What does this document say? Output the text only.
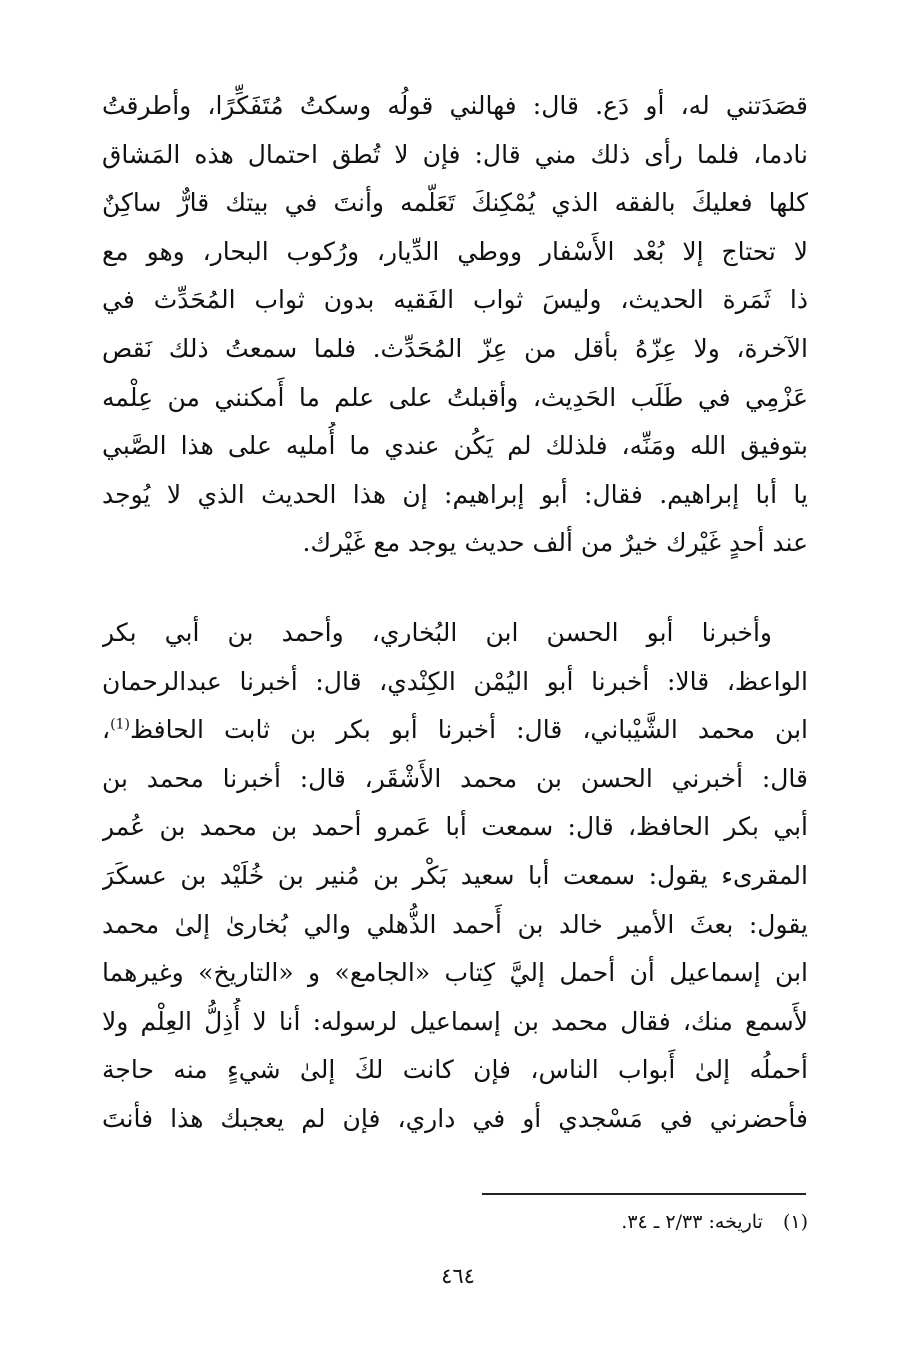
قصَدَتني له، أو دَع. قال: فهالني قولُه وسكتُ مُتَفَكِّرًا، وأطرقتُ
نادما، فلما رأى ذلك مني قال: فإن لا تُطق احتمال هذه المَشاق
كلها فعليكَ بالفقه الذي يُمْكِنكَ تَعَلّمه وأنتَ في بيتك قارٌّ ساكِنٌ
لا تحتاج إلا بُعْد الأَسْفار ووطي الدِّيار، ورُكوب البحار، وهو مع
ذا ثَمَرة الحديث، وليسَ ثواب الفَقيه بدون ثواب المُحَدِّث في
الآخرة، ولا عِزّهُ بأقل من عِزّ المُحَدِّث. فلما سمعتُ ذلك نَقص
عَزْمِي في طَلَب الحَدِيث، وأقبلتُ على علم ما أَمكنني من عِلْمه
بتوفيق الله ومَنِّه، فلذلك لم يَكُن عندي ما أُمليه على هذا الصَّبي
يا أبا إبراهيم. فقال: أبو إبراهيم: إن هذا الحديث الذي لا يُوجد
عند أحدٍ غَيْرك خيرٌ من ألف حديث يوجد مع غَيْرك.
وأخبرنا أبو الحسن ابن البُخاري، وأحمد بن أبي بكر
الواعظ، قالا: أخبرنا أبو اليُمْن الكِنْدي، قال: أخبرنا عبدالرحمان
ابن محمد الشَّيْباني، قال: أخبرنا أبو بكر بن ثابت الحافظ$^{(1)}$،
قال: أخبرني الحسن بن محمد الأَشْقَر، قال: أخبرنا محمد بن
أبي بكر الحافظ، قال: سمعت أبا عَمرو أحمد بن محمد بن عُمر
المقرىء يقول: سمعت أبا سعيد بَكْر بن مُنير بن خُلَيْد بن عسكَرَ
يقول: بعثَ الأمير خالد بن أَحمد الذُّهلي والي بُخارىٰ إلىٰ محمد
ابن إسماعيل أن أحمل إليَّ كِتاب «الجامع» و «التاريخ» وغيرهما
لأَسمع منك، فقال محمد بن إسماعيل لرسوله: أنا لا أُذِلُّ العِلْم ولا
أحملُه إلىٰ أَبواب الناس، فإن كانت لكَ إلىٰ شيءٍ منه حاجة
فأحضرني في مَسْجدي أو في داري، فإن لم يعجبك هذا فأنتَ
(١) تاريخه: ٢/٣٣ ـ ٣٤.
٤٦٤
